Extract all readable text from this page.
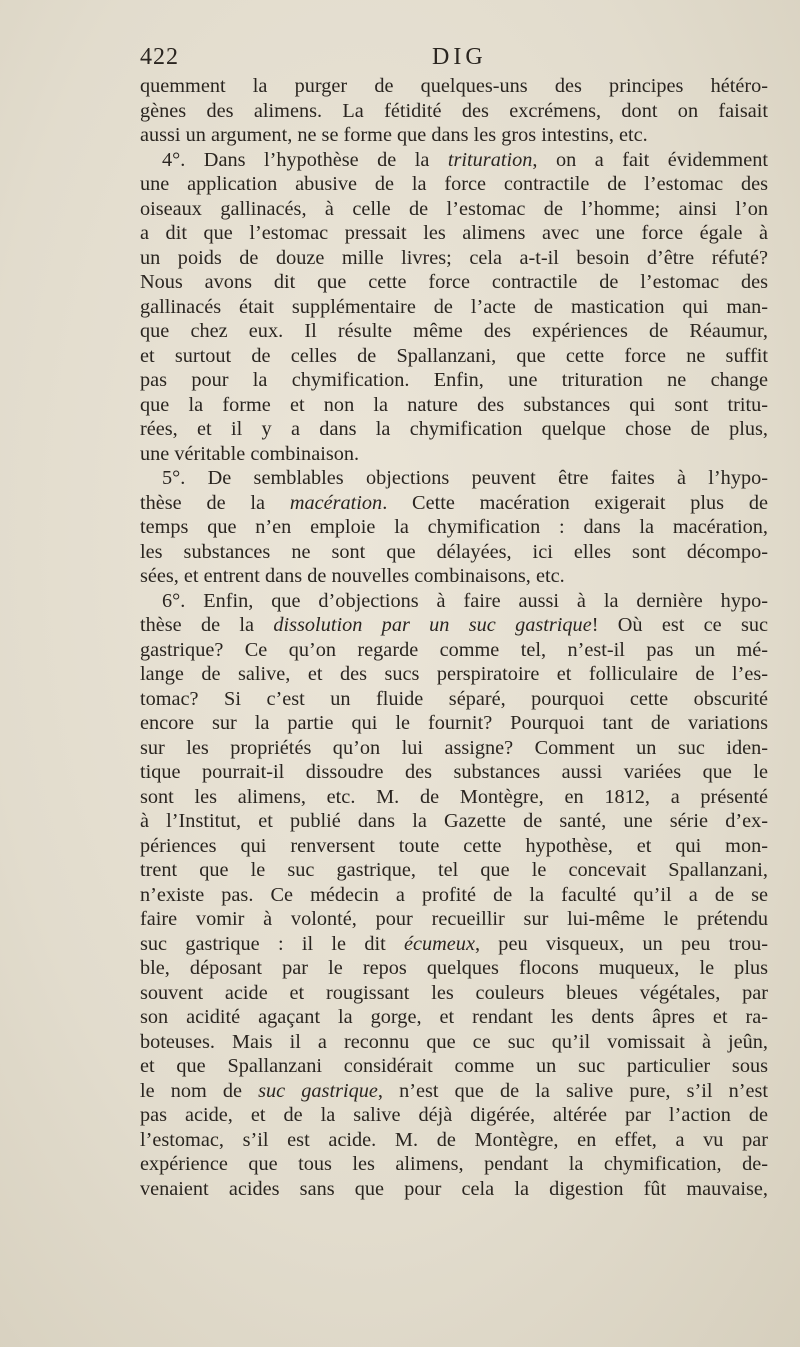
422	DIG
quemment la purger de quelques-uns des principes hétéro-
gènes des alimens. La fétidité des excrémens, dont on faisait
aussi un argument, ne se forme que dans les gros intestins, etc.
4°. Dans l’hypothèse de la trituration, on a fait évidemment
une application abusive de la force contractile de l’estomac des
oiseaux gallinacés, à celle de l’estomac de l’homme; ainsi l’on
a dit que l’estomac pressait les alimens avec une force égale à
un poids de douze mille livres; cela a-t-il besoin d’être réfuté?
Nous avons dit que cette force contractile de l’estomac des
gallinacés était supplémentaire de l’acte de mastication qui man-
que chez eux. Il résulte même des expériences de Réaumur,
et surtout de celles de Spallanzani, que cette force ne suffit
pas pour la chymification. Enfin, une trituration ne change
que la forme et non la nature des substances qui sont tritu-
rées, et il y a dans la chymification quelque chose de plus,
une véritable combinaison.
5°. De semblables objections peuvent être faites à l’hypo-
thèse de la macération. Cette macération exigerait plus de
temps que n’en emploie la chymification : dans la macération,
les substances ne sont que délayées, ici elles sont décompo-
sées, et entrent dans de nouvelles combinaisons, etc.
6°. Enfin, que d’objections à faire aussi à la dernière hypo-
thèse de la dissolution par un suc gastrique! Où est ce suc
gastrique? Ce qu’on regarde comme tel, n’est-il pas un mé-
lange de salive, et des sucs perspiratoire et folliculaire de l’es-
tomac? Si c’est un fluide séparé, pourquoi cette obscurité
encore sur la partie qui le fournit? Pourquoi tant de variations
sur les propriétés qu’on lui assigne? Comment un suc iden-
tique pourrait-il dissoudre des substances aussi variées que le
sont les alimens, etc. M. de Montègre, en 1812, a présenté
à l’Institut, et publié dans la Gazette de santé, une série d’ex-
périences qui renversent toute cette hypothèse, et qui mon-
trent que le suc gastrique, tel que le concevait Spallanzani,
n’existe pas. Ce médecin a profité de la faculté qu’il a de se
faire vomir à volonté, pour recueillir sur lui-même le prétendu
suc gastrique : il le dit écumeux, peu visqueux, un peu trou-
ble, déposant par le repos quelques flocons muqueux, le plus
souvent acide et rougissant les couleurs bleues végétales, par
son acidité agaçant la gorge, et rendant les dents âpres et ra-
boteuses. Mais il a reconnu que ce suc qu’il vomissait à jeûn,
et que Spallanzani considérait comme un suc particulier sous
le nom de suc gastrique, n’est que de la salive pure, s’il n’est
pas acide, et de la salive déjà digérée, altérée par l’action de
l’estomac, s’il est acide. M. de Montègre, en effet, a vu par
expérience que tous les alimens, pendant la chymification, de-
venaient acides sans que pour cela la digestion fût mauvaise,
